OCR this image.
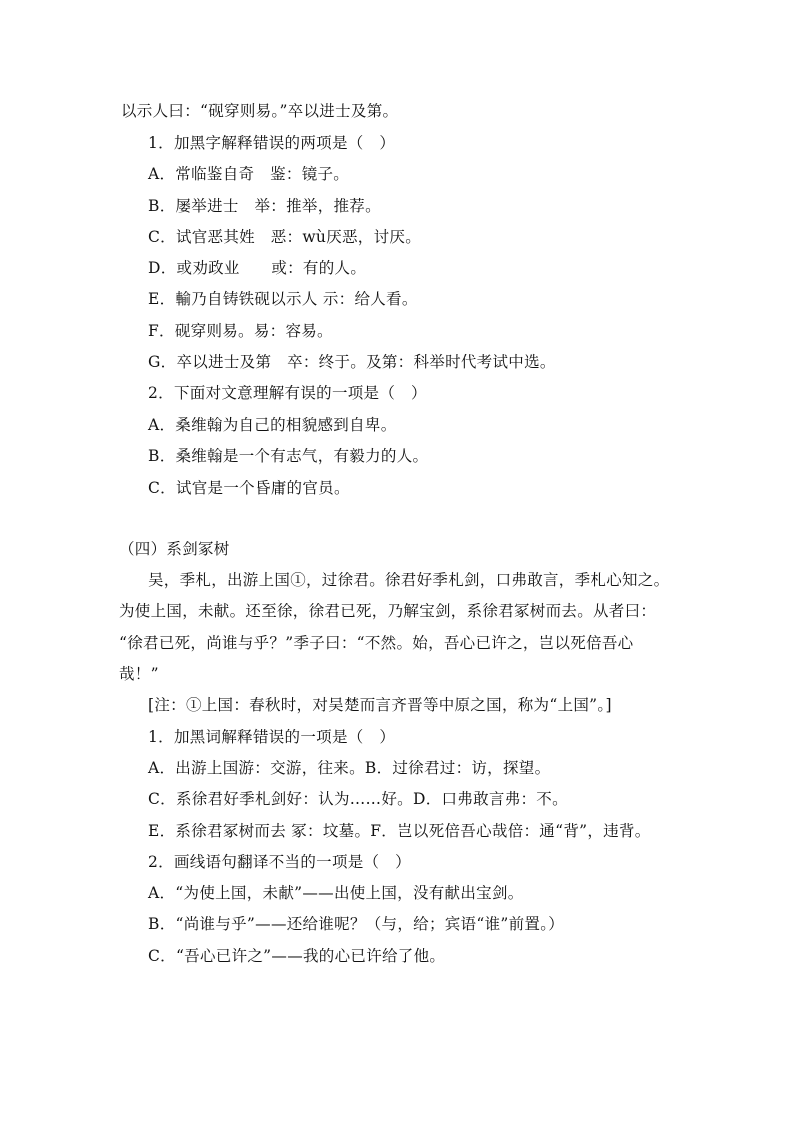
以示人曰：“砚穿则易。”卒以进士及第。
1．加黑字解释错误的两项是（　）
A．常临鉴自奇　鉴：镜子。
B．屡举进士　举：推举，推荐。
C．试官恶其姓　恶：wù厌恶，讨厌。
D．或劝政业　　或：有的人。
E．輸乃自铸铁砚以示人 示：给人看。
F．砚穿则易。易：容易。
G．卒以进士及第　卒：终于。及第：科举时代考试中选。
2．下面对文意理解有误的一项是（　）
A．桑维翰为自己的相貌感到自卑。
B．桑维翰是一个有志气，有毅力的人。
C．试官是一个昏庸的官员。
（四）系剑冢树
吴，季札，出游上国①，过徐君。徐君好季札剑，口弗敢言，季札心知之。
为使上国，未献。还至徐，徐君已死，乃解宝剑，系徐君冢树而去。从者曰：
“徐君已死，尚谁与乎？”季子曰：“不然。始，吾心已许之，岂以死倍吾心
哉！”
[注：①上国：春秋时，对吴楚而言齐晋等中原之国，称为“上国”。]
1．加黑词解释错误的一项是（　）
A．出游上国游：交游，往来。B．过徐君过：访，探望。
C．系徐君好季札剑好：认为……好。D．口弗敢言弗：不。
E．系徐君冢树而去 冢：坟墓。F．岂以死倍吾心哉倍：通“背”，违背。
2．画线语句翻译不当的一项是（　）
A．“为使上国，未献”——出使上国，没有献出宝剑。
B．“尚谁与乎”——还给谁呢？（与，给；宾语“谁”前置。）
C．“吾心已许之”——我的心已许给了他。
